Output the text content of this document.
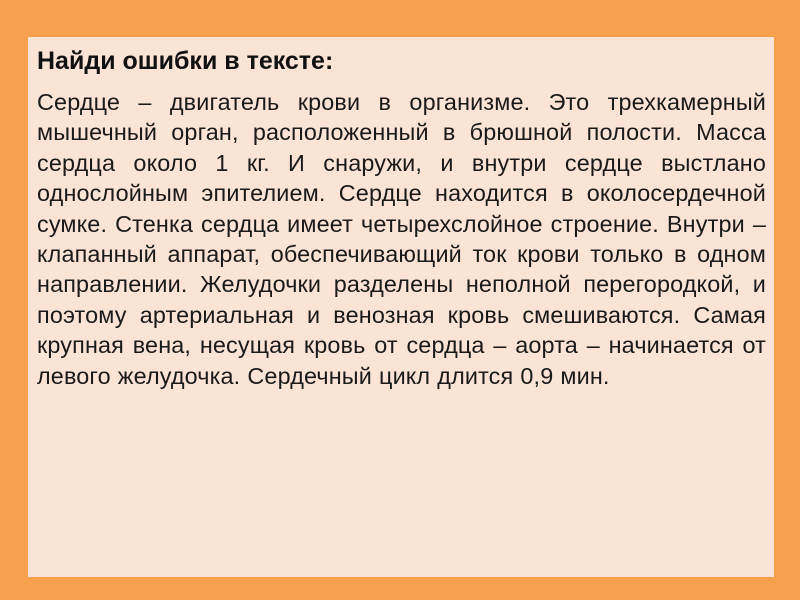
Найди ошибки в тексте:

Сердце – двигатель крови в организме. Это трехкамерный мышечный орган, расположенный в брюшной полости. Масса сердца около 1 кг. И снаружи, и внутри сердце выстлано однослойным эпителием. Сердце находится в околосердечной сумке. Стенка сердца имеет четырехслойное строение. Внутри – клапанный аппарат, обеспечивающий ток крови только в одном направлении. Желудочки разделены неполной перегородкой, и поэтому артериальная и венозная кровь смешиваются. Самая крупная вена, несущая кровь от сердца – аорта – начинается от левого желудочка. Сердечный цикл длится 0,9 мин.
